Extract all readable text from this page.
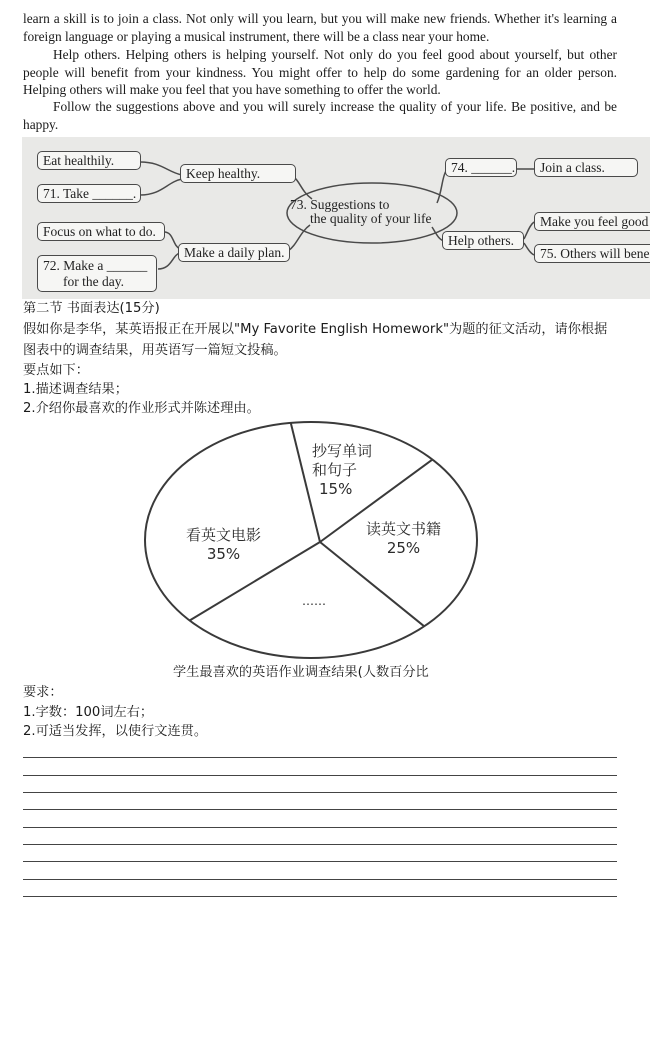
learn a skill is to join a class. Not only will you learn, but you will make new friends. Whether it's learning a foreign language or playing a musical instrument, there will be a class near your home.

Help others. Helping others is helping yourself. Not only do you feel good about yourself, but other people will benefit from your kindness. You might offer to help do some gardening for an older person. Helping others will make you feel that you have something to offer the world.

Follow the suggestions above and you will surely increase the quality of your life. Be positive, and be happy.

Eat healthily.
71. Take ______.
Focus on what to do.
72. Make a ______
for the day.
Keep healthy.
Make a daily plan.
73. Suggestions to
the quality of your life
74. ______.	Join a class.
Help others.
Make you feel good
75. Others will bene
第二节 书面表达(15分)
假如你是李华，某英语报正在开展以"My Favorite English Homework"为题的征文活动，请你根据图表中的调查结果，用英语写一篇短文投稿。
要点如下：
1.描述调查结果；
2.介绍你最喜欢的作业形式并陈述理由。
抄写单词
和句子
15%
读英文书籍
25%
看英文电影
35%
……
学生最喜欢的英语作业调查结果(人数百分比
要求：
1.字数：100词左右；
2.可适当发挥，以使行文连贯。
